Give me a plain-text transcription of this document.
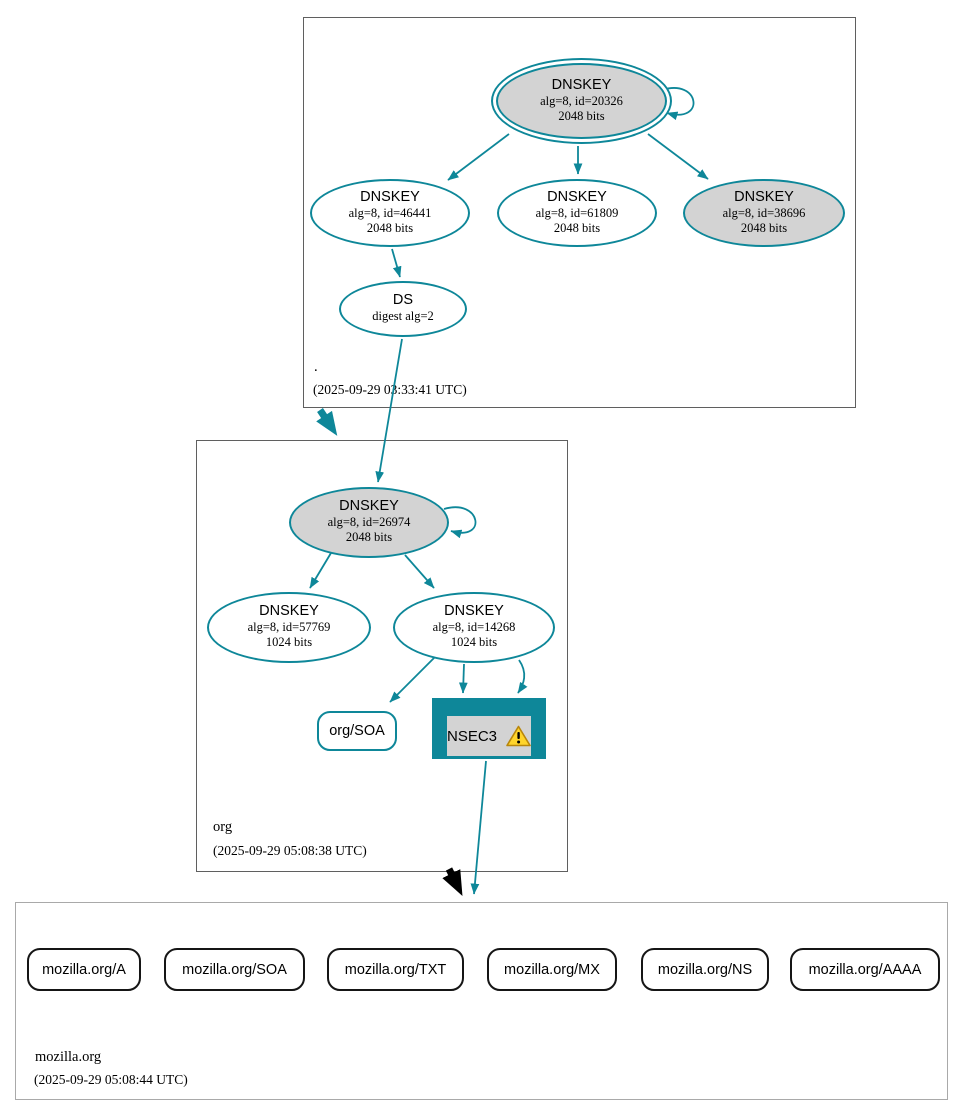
.
(2025-09-29 03:33:41 UTC)
org
(2025-09-29 05:08:38 UTC)
mozilla.org
(2025-09-29 05:08:44 UTC)
DNSKEY
alg=8, id=20326
2048 bits
DNSKEY
alg=8, id=46441
2048 bits
DNSKEY
alg=8, id=61809
2048 bits
DNSKEY
alg=8, id=38696
2048 bits
DS
digest alg=2
DNSKEY
alg=8, id=26974
2048 bits
DNSKEY
alg=8, id=57769
1024 bits
DNSKEY
alg=8, id=14268
1024 bits
org/SOA	NSEC3
mozilla.org/A	mozilla.org/SOA	mozilla.org/TXT	mozilla.org/MX	mozilla.org/NS	mozilla.org/AAAA
